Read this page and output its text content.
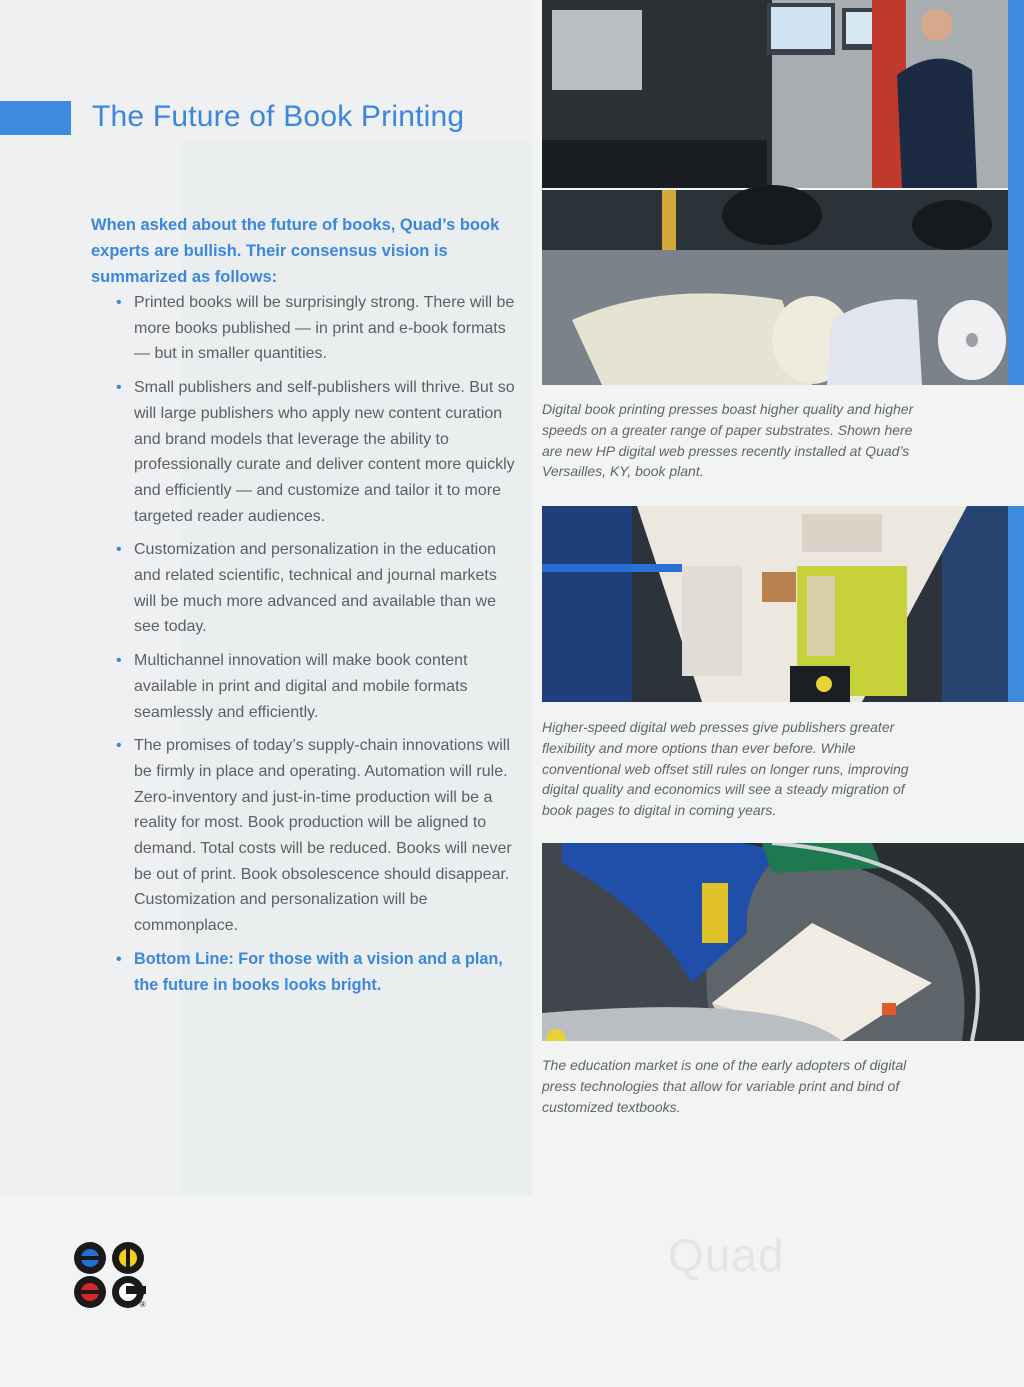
The Future of Book Printing

When asked about the future of books, Quad’s book experts are bullish. Their consensus vision is summarized as follows:

• Printed books will be surprisingly strong. There will be more books published — in print and e-book formats — but in smaller quantities.
• Small publishers and self-publishers will thrive. But so will large publishers who apply new content curation and brand models that leverage the ability to professionally curate and deliver content more quickly and efficiently — and customize and tailor it to more targeted reader audiences.
• Customization and personalization in the education and related scientific, technical and journal markets will be much more advanced and available than we see today.
• Multichannel innovation will make book content available in print and digital and mobile formats seamlessly and efficiently.
• The promises of today’s supply-chain innovations will be firmly in place and operating. Automation will rule. Zero-inventory and just-in-time production will be a reality for most. Book production will be aligned to demand. Total costs will be reduced. Books will never be out of print. Book obsolescence should disappear. Customization and personalization will be commonplace.
• Bottom Line: For those with a vision and a plan, the future in books looks bright.

Digital book printing presses boast higher quality and higher speeds on a greater range of paper substrates. Shown here are new HP digital web presses recently installed at Quad’s Versailles, KY, book plant.

Higher-speed digital web presses give publishers greater flexibility and more options than ever before. While conventional web offset still rules on longer runs, improving digital quality and economics will see a steady migration of book pages to digital in coming years.

The education market is one of the early adopters of digital press technologies that allow for variable print and bind of customized textbooks.

®
Quad
